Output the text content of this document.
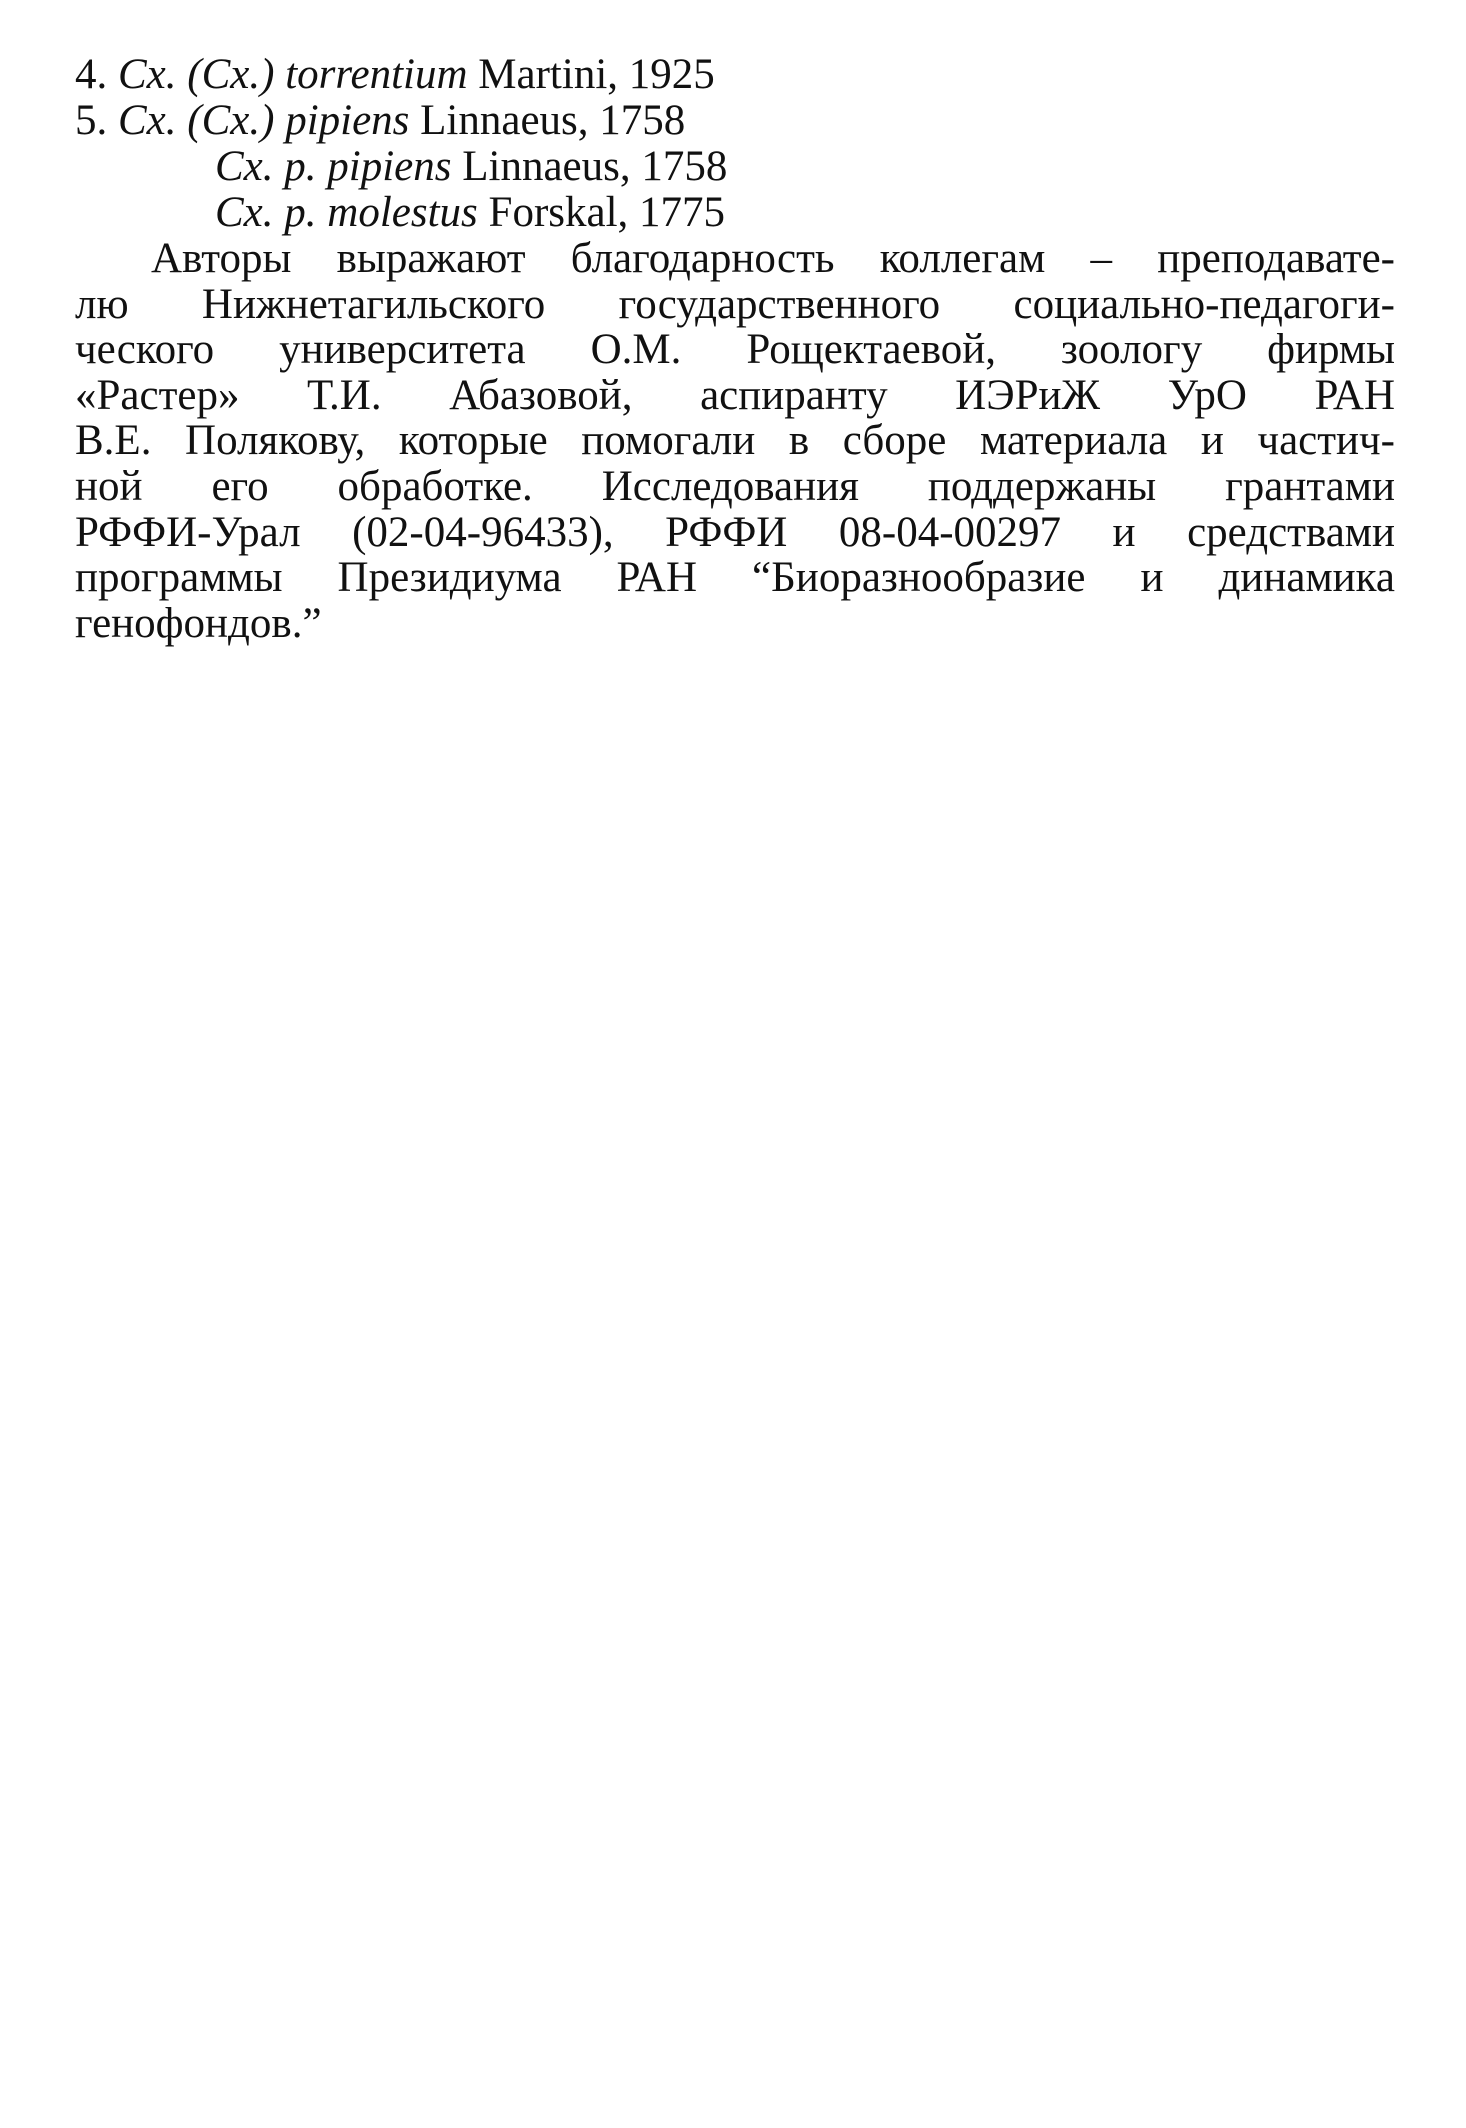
4. Cx. (Cx.) torrentium Martini, 1925
5. Cx. (Cx.) pipiens Linnaeus, 1758
Cx. p. pipiens Linnaeus, 1758
Cx. p. molestus Forskal, 1775

Авторы выражают благодарность коллегам – преподавате-
лю Нижнетагильского государственного социально-педагоги-
ческого университета О.М. Рощектаевой, зоологу фирмы
«Растер» Т.И. Абазовой, аспиранту ИЭРиЖ УрО РАН
В.Е. Полякову, которые помогали в сборе материала и частич-
ной его обработке. Исследования поддержаны грантами
РФФИ-Урал (02-04-96433), РФФИ 08-04-00297 и средствами
программы Президиума РАН “Биоразнообразие и динамика
генофондов.”
